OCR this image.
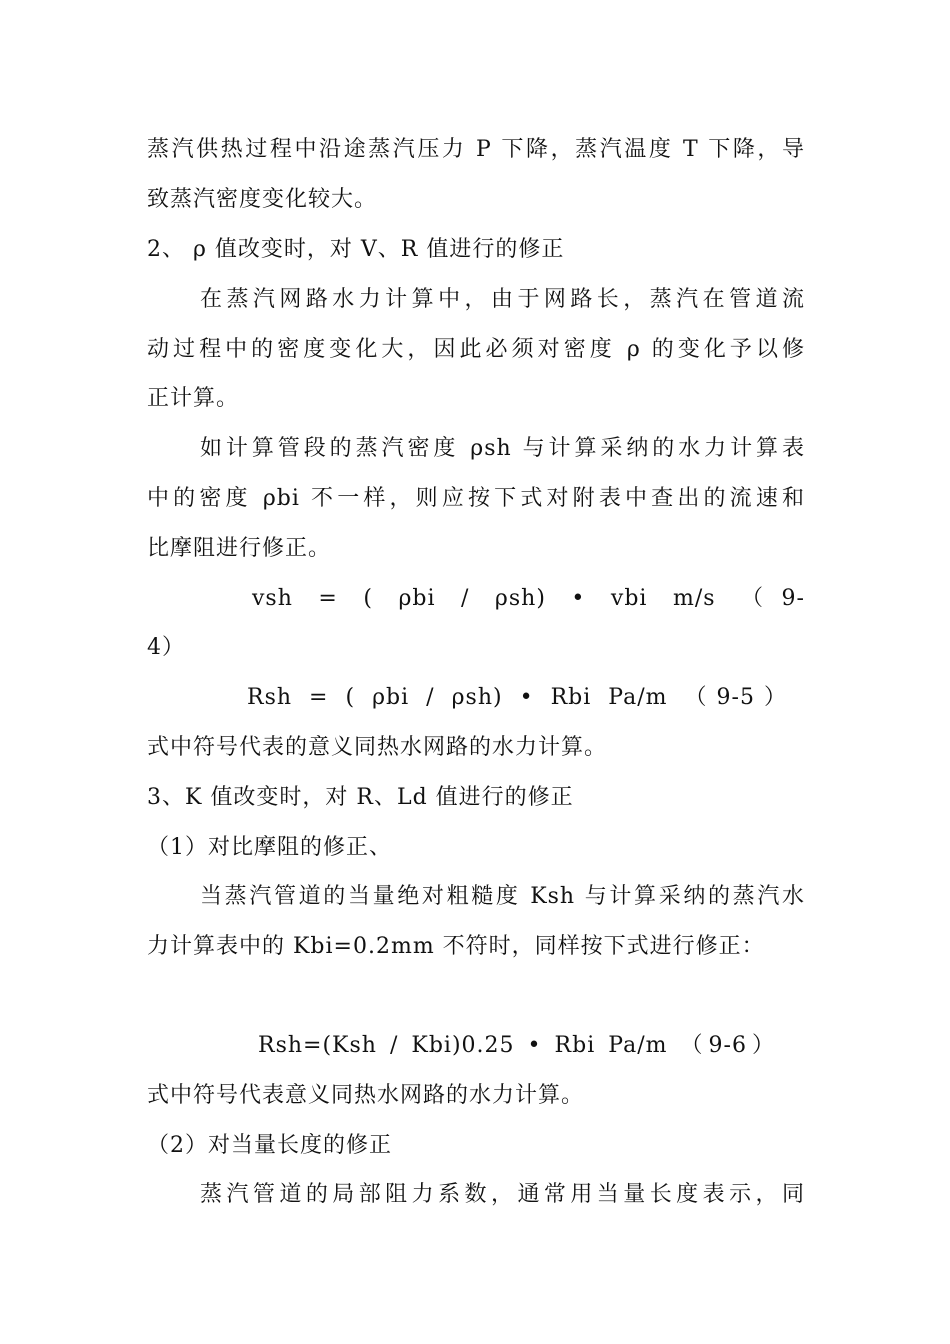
蒸汽供热过程中沿途蒸汽压力 P 下降，蒸汽温度 T 下降，导
致蒸汽密度变化较大。
2、 ρ 值改变时，对 V、R 值进行的修正
在蒸汽网路水力计算中，由于网路长，蒸汽在管道流
动过程中的密度变化大，因此必须对密度 ρ 的变化予以修
正计算。
如计算管段的蒸汽密度 ρsh 与计算采纳的水力计算表
中的密度 ρbi 不一样，则应按下式对附表中查出的流速和
比摩阻进行修正。
vsh = ( ρbi / ρsh) • vbi m/s （9-
4）
Rsh = ( ρbi / ρsh) • Rbi Pa/m （9-5）
式中符号代表的意义同热水网路的水力计算。
3、K 值改变时，对 R、Ld 值进行的修正
（1）对比摩阻的修正、
当蒸汽管道的当量绝对粗糙度 Ksh 与计算采纳的蒸汽水
力计算表中的 Kbi=0.2mm 不符时，同样按下式进行修正：
Rsh=(Ksh / Kbi)0.25 • Rbi Pa/m （9-6）
式中符号代表意义同热水网路的水力计算。
（2）对当量长度的修正
蒸汽管道的局部阻力系数，通常用当量长度表示，同
